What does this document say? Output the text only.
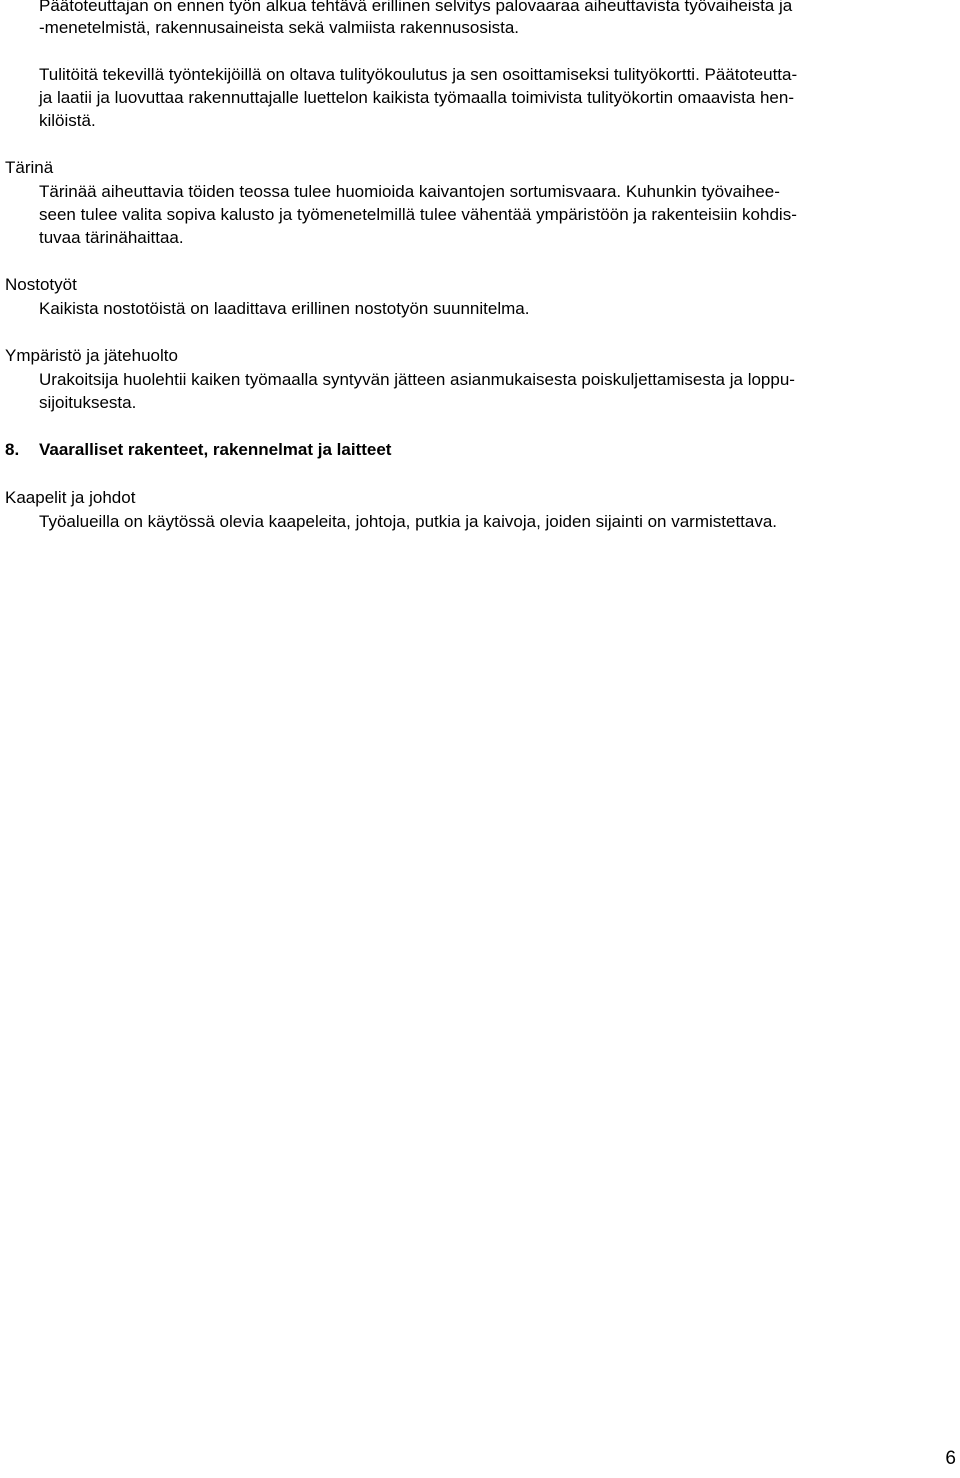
Päätoteuttajan on ennen työn alkua tehtävä erillinen selvitys palovaaraa aiheuttavista työvaiheista ja
-menetelmistä, rakennusaineista sekä valmiista rakennusosista.
Tulitöitä tekevillä työntekijöillä on oltava tulityökoulutus ja sen osoittamiseksi tulityökortti. Päätoteutta-
ja laatii ja luovuttaa rakennuttajalle luettelon kaikista työmaalla toimivista tulityökortin omaavista hen-
kilöistä.
Tärinä
Tärinää aiheuttavia töiden teossa tulee huomioida kaivantojen sortumisvaara. Kuhunkin työvaihee-
seen tulee valita sopiva kalusto ja työmenetelmillä tulee vähentää ympäristöön ja rakenteisiin kohdis-
tuvaa tärinähaittaa.
Nostotyöt
Kaikista nostotöistä on laadittava erillinen nostotyön suunnitelma.
Ympäristö ja jätehuolto
Urakoitsija huolehtii kaiken työmaalla syntyvän jätteen asianmukaisesta poiskuljettamisesta ja loppu-
sijoituksesta.
8. Vaaralliset rakenteet, rakennelmat ja laitteet
Kaapelit ja johdot
Työalueilla on käytössä olevia kaapeleita, johtoja, putkia ja kaivoja, joiden sijainti on varmistettava.
6
